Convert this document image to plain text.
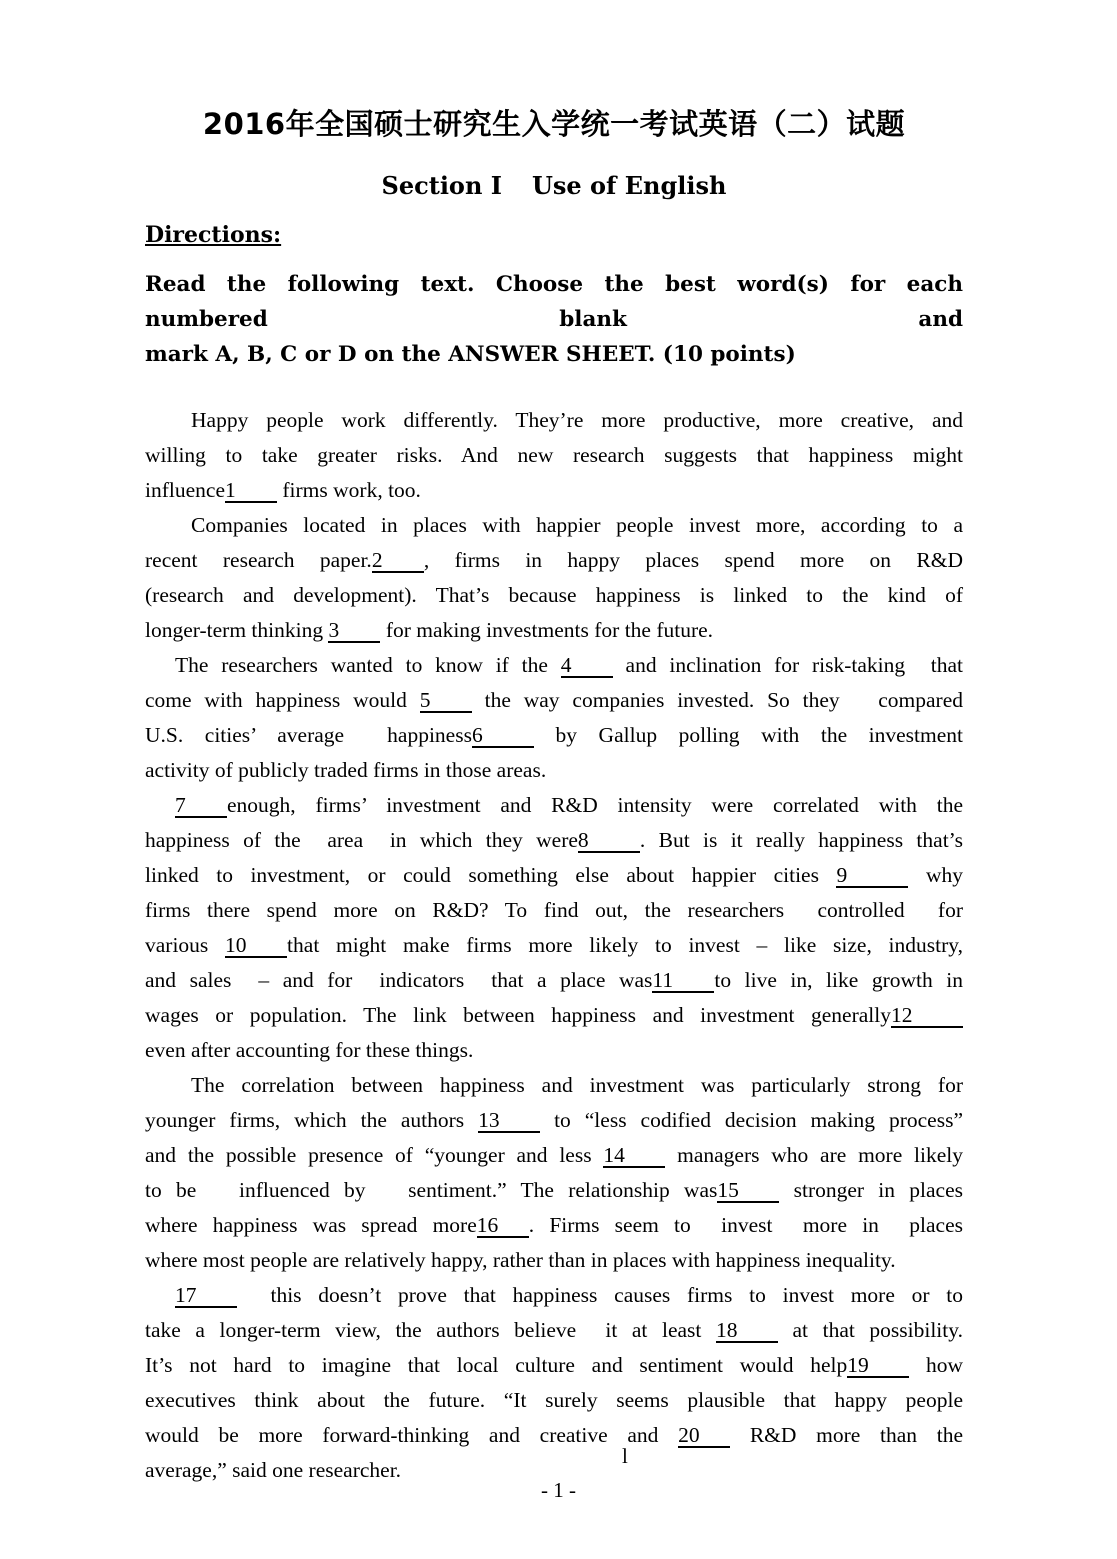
2016年全国硕士研究生入学统一考试英语（二）试题
Section I Use of English

Directions:

Read the following text. Choose the best word(s) for each numbered blank and
mark A, B, C or D on the ANSWER SHEET. (10 points)

Happy people work differently. They’re more productive, more creative, and
willing to take greater risks. And new research suggests that happiness might
influence1 firms work, too.

Companies located in places with happier people invest more, according to a
recent research paper.2 , firms in happy places spend more on R&D
(research and development). That’s because happiness is linked to the kind of
longer-term thinking 3 for making investments for the future.

The researchers wanted to know if the 4 and inclination for risk-taking  that
come with happiness would 5 the way companies invested. So they   compared
U.S. cities’ average  happiness6 by Gallup polling with the investment
activity of publicly traded firms in those areas.

7 enough, firms’ investment and R&D intensity were correlated with the
happiness of the  area  in which they were8 . But is it really happiness that’s
linked to investment, or could something else about happier cities 9	why
firms there spend more on R&D? To find out, the researchers  controlled  for
various 10 that might make firms more likely to invest – like size, industry,
and sales  – and for  indicators  that a place was11 to live in, like growth in
wages or population. The link between happiness and investment generally12
even after accounting for these things.

The correlation between happiness and investment was particularly strong for
younger firms, which the authors 13 to “less codified decision making process”
and the possible presence of “younger and less 14 managers who are more likely
to be   influenced by   sentiment.” The relationship was15 stronger in places
where happiness was spread more16 . Firms seem to  invest  more in  places
where most people are relatively happy, rather than in places with happiness inequality.

17  this doesn’t prove that happiness causes firms to invest more or to
take a longer-term view, the authors believe  it at least 18 at that possibility.
It’s not hard to imagine that local culture and sentiment would help19 how
executives think about the future. “It surely seems plausible that happy people
would be more forward-thinking and creative and 20 R&D more than the
average,” said one researcher.

l
- 1 -
